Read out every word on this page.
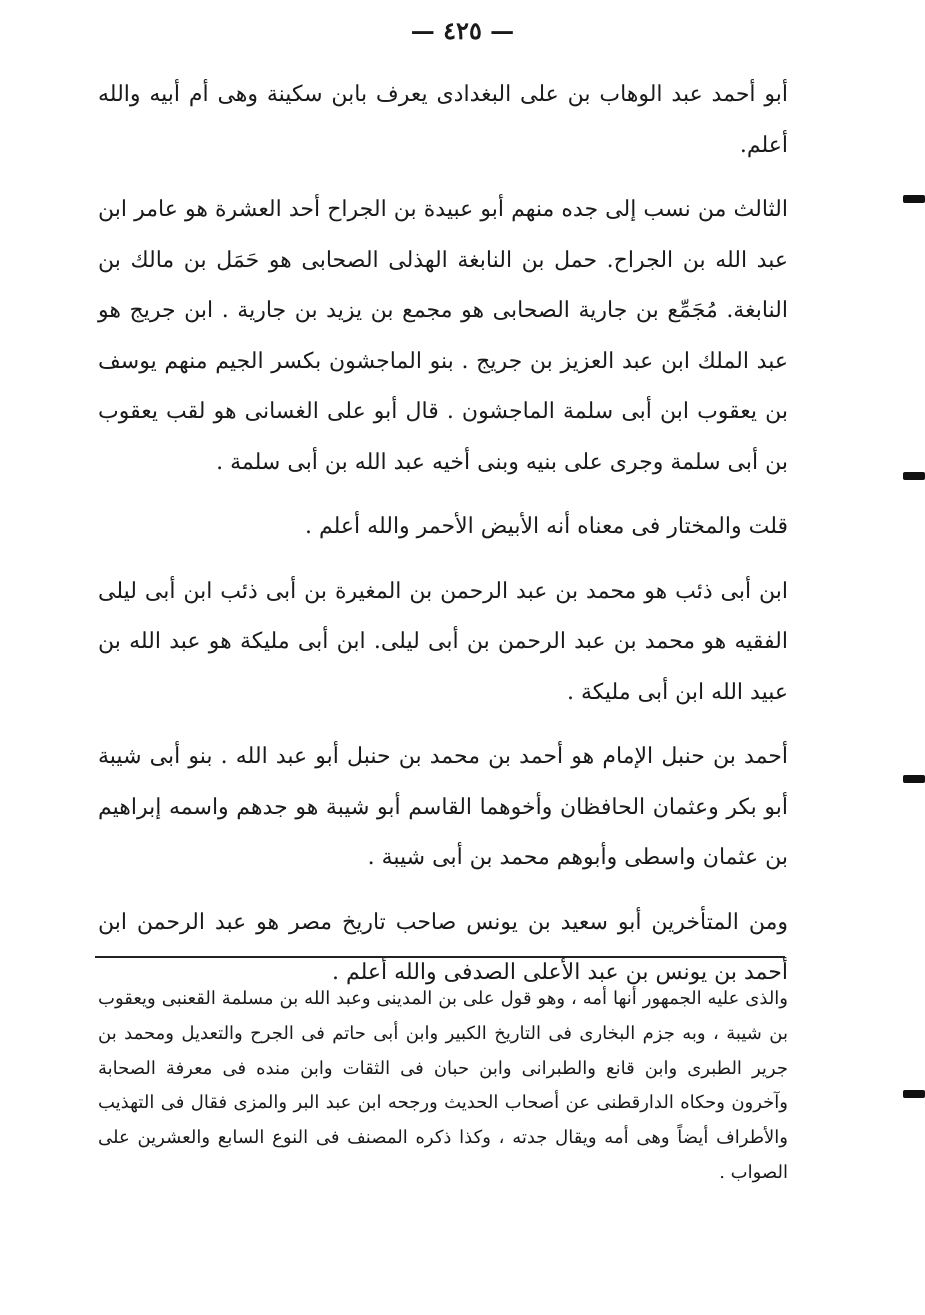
— ٤٢٥ —

أبو أحمد عبد الوهاب بن على البغدادى يعرف بابن سكينة وهى أم أبيه والله أعلم.

الثالث من نسب إلى جده منهم أبو عبيدة بن الجراح أحد العشرة هو عامر ابن عبد الله بن الجراح. حمل بن النابغة الهذلى الصحابى هو حَمَل بن مالك بن النابغة. مُجَمِّع بن جارية الصحابى هو مجمع بن يزيد بن جارية . ابن جريج هو عبد الملك ابن عبد العزيز بن جريج . بنو الماجشون بكسر الجيم منهم يوسف بن يعقوب ابن أبى سلمة الماجشون . قال أبو على الغسانى هو لقب يعقوب بن أبى سلمة وجرى على بنيه وبنى أخيه عبد الله بن أبى سلمة .

قلت والمختار فى معناه أنه الأبيض الأحمر والله أعلم .

ابن أبى ذئب هو محمد بن عبد الرحمن بن المغيرة بن أبى ذئب ابن أبى ليلى الفقيه هو محمد بن عبد الرحمن بن أبى ليلى. ابن أبى مليكة هو عبد الله بن عبيد الله ابن أبى مليكة .

أحمد بن حنبل الإمام هو أحمد بن محمد بن حنبل أبو عبد الله . بنو أبى شيبة أبو بكر وعثمان الحافظان وأخوهما القاسم أبو شيبة هو جدهم واسمه إبراهيم بن عثمان واسطى وأبوهم محمد بن أبى شيبة .

ومن المتأخرين أبو سعيد بن يونس صاحب تاريخ مصر هو عبد الرحمن ابن أحمد بن يونس بن عبد الأعلى الصدفى والله أعلم .

والذى عليه الجمهور أنها أمه ، وهو قول على بن المدينى وعبد الله بن مسلمة القعنبى ويعقوب بن شيبة ، وبه جزم البخارى فى التاريخ الكبير وابن أبى حاتم فى الجرح والتعديل ومحمد بن جرير الطبرى وابن قانع والطبرانى وابن حبان فى الثقات وابن منده فى معرفة الصحابة وآخرون وحكاه الدارقطنى عن أصحاب الحديث ورجحه ابن عبد البر والمزى فقال فى التهذيب والأطراف أيضاً وهى أمه ويقال جدته ، وكذا ذكره المصنف فى النوع السابع والعشرين على الصواب .
